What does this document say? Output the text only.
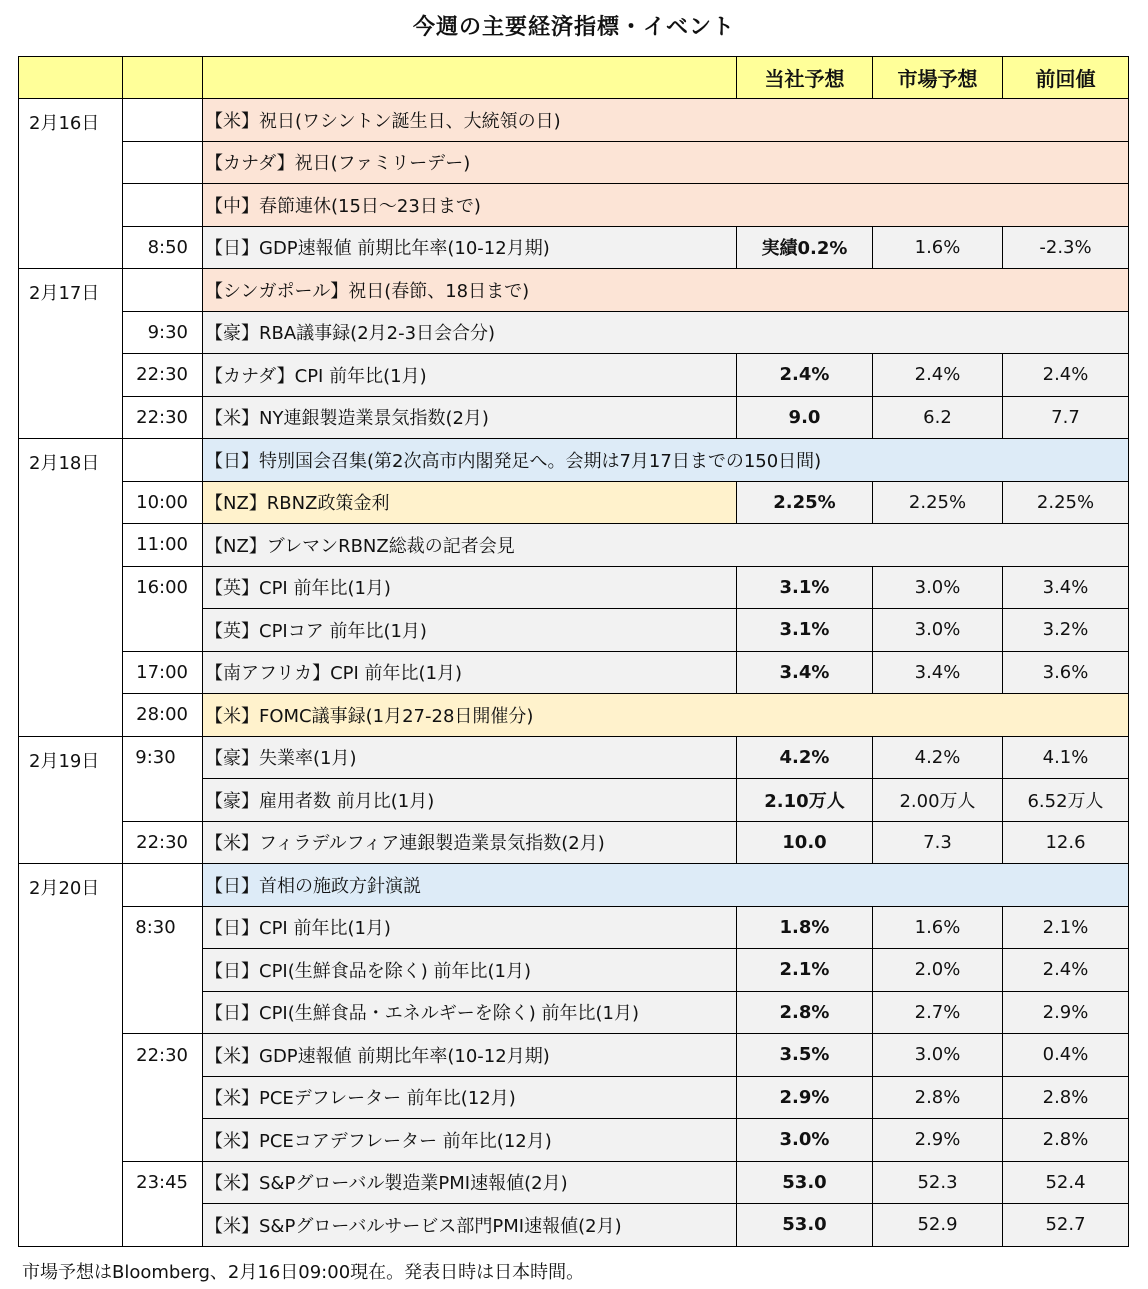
今週の主要経済指標・イベント
			当社予想	市場予想	前回値
2月16日		【米】祝日(ワシントン誕生日、大統領の日)			
		【カナダ】祝日(ファミリーデー)			
		【中】春節連休(15日～23日まで)			
	8:50	【日】GDP速報値 前期比年率(10-12月期)	実績0.2%	1.6%	-2.3%
2月17日		【シンガポール】祝日(春節、18日まで)			
	9:30	【豪】RBA議事録(2月2-3日会合分)			
	22:30	【カナダ】CPI 前年比(1月)	2.4%	2.4%	2.4%
	22:30	【米】NY連銀製造業景気指数(2月)	9.0	6.2	7.7
2月18日		【日】特別国会召集(第2次高市内閣発足へ。会期は7月17日までの150日間)			
	10:00	【NZ】RBNZ政策金利	2.25%	2.25%	2.25%
	11:00	【NZ】ブレマンRBNZ総裁の記者会見			
	16:00	【英】CPI 前年比(1月)	3.1%	3.0%	3.4%
		【英】CPIコア 前年比(1月)	3.1%	3.0%	3.2%
	17:00	【南アフリカ】CPI 前年比(1月)	3.4%	3.4%	3.6%
	28:00	【米】FOMC議事録(1月27-28日開催分)			
2月19日	9:30	【豪】失業率(1月)	4.2%	4.2%	4.1%
		【豪】雇用者数 前月比(1月)	2.10万人	2.00万人	6.52万人
	22:30	【米】フィラデルフィア連銀製造業景気指数(2月)	10.0	7.3	12.6
2月20日		【日】首相の施政方針演説			
	8:30	【日】CPI 前年比(1月)	1.8%	1.6%	2.1%
		【日】CPI(生鮮食品を除く) 前年比(1月)	2.1%	2.0%	2.4%
		【日】CPI(生鮮食品・エネルギーを除く) 前年比(1月)	2.8%	2.7%	2.9%
	22:30	【米】GDP速報値 前期比年率(10-12月期)	3.5%	3.0%	0.4%
		【米】PCEデフレーター 前年比(12月)	2.9%	2.8%	2.8%
		【米】PCEコアデフレーター 前年比(12月)	3.0%	2.9%	2.8%
	23:45	【米】S&Pグローバル製造業PMI速報値(2月)	53.0	52.3	52.4
		【米】S&Pグローバルサービス部門PMI速報値(2月)	53.0	52.9	52.7
市場予想はBloomberg、2月16日09:00現在。発表日時は日本時間。
